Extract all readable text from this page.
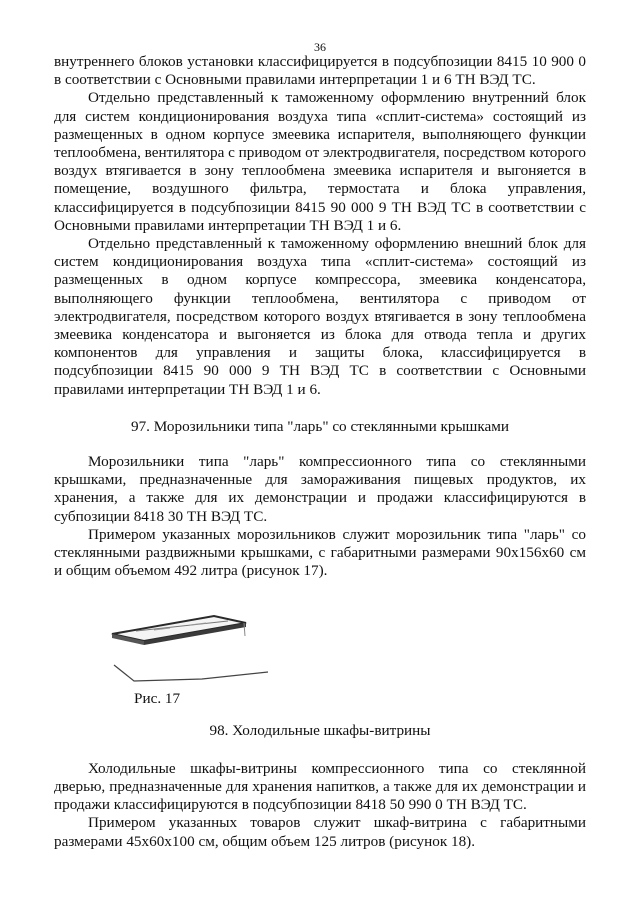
36

внутреннего блоков установки классифицируется в подсубпозиции 8415 10 900 0 в соответствии с Основными правилами интерпретации 1 и 6 ТН ВЭД ТС.

Отдельно представленный к таможенному оформлению внутренний блок для систем кондиционирования воздуха типа «сплит-система» состоящий из размещенных в одном корпусе змеевика испарителя, выполняющего функции теплообмена, вентилятора с приводом от электродвигателя, посредством которого воздух втягивается в зону теплообмена змеевика испарителя и выгоняется в помещение, воздушного фильтра, термостата и блока управления, классифицируется в подсубпозиции 8415 90 000 9 ТН ВЭД ТС в соответствии с Основными правилами интерпретации ТН ВЭД 1 и 6.

Отдельно представленный к таможенному оформлению внешний блок для систем кондиционирования воздуха типа «сплит-система» состоящий из размещенных в одном корпусе компрессора, змеевика конденсатора, выполняющего функции теплообмена, вентилятора с приводом от электродвигателя, посредством которого воздух втягивается в зону теплообмена змеевика конденсатора и выгоняется из блока для отвода тепла и других компонентов для управления и защиты блока, классифицируется в подсубпозиции 8415 90 000 9 ТН ВЭД ТС в соответствии с Основными правилами интерпретации ТН ВЭД 1 и 6.

97. Морозильники типа "ларь" со стеклянными крышками

Морозильники типа "ларь" компрессионного типа со стеклянными крышками, предназначенные для замораживания пищевых продуктов, их хранения, а также для их демонстрации и продажи классифицируются в субпозиции 8418 30 ТН ВЭД ТС.

Примером указанных морозильников служит морозильник типа "ларь" со стеклянными раздвижными крышками, с габаритными размерами 90х156х60 см и общим объемом 492 литра (рисунок 17).

Рис. 17

98. Холодильные шкафы-витрины

Холодильные шкафы-витрины компрессионного типа со стеклянной дверью, предназначенные для хранения напитков, а также для их демонстрации и продажи классифицируются в подсубпозиции 8418 50 990 0 ТН ВЭД ТС.

Примером указанных товаров служит шкаф-витрина с габаритными размерами 45х60х100 см, общим объем 125 литров (рисунок 18).
